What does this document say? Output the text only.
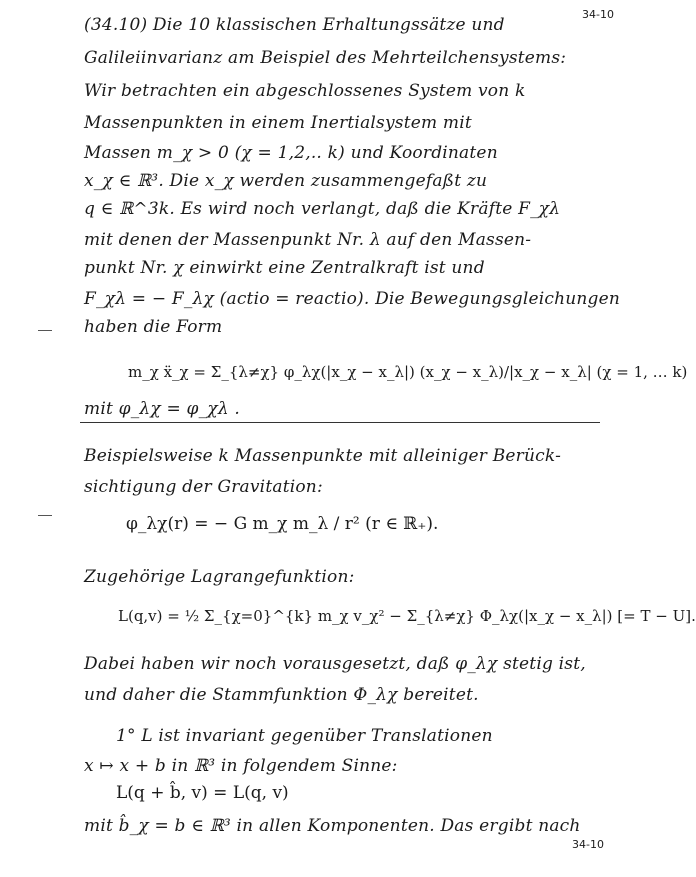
34-10
(34.10) Die 10 klassischen Erhaltungssätze und
Galileiinvarianz am Beispiel des Mehrteilchensystems:
Wir betrachten ein abgeschlossenes System von k
Massenpunkten in einem Inertialsystem mit
Massen m_χ > 0 (χ = 1,2,.. k) und Koordinaten
x_χ ∈ ℝ³. Die x_χ werden zusammengefaßt zu
q ∈ ℝ^3k. Es wird noch verlangt, daß die Kräfte F_χλ
mit denen der Massenpunkt Nr. λ auf den Massen-
punkt Nr. χ einwirkt eine Zentralkraft ist und
F_χλ = − F_λχ (actio = reactio). Die Bewegungsgleichungen
haben die Form
m_χ ẍ_χ = Σ_{λ≠χ} φ_λχ(|x_χ − x_λ|) (x_χ − x_λ)/|x_χ − x_λ| (χ = 1, … k)
mit φ_λχ = φ_χλ .
Beispielsweise k Massenpunkte mit alleiniger Berück-
sichtigung der Gravitation:
φ_λχ(r) = − G m_χ m_λ / r² (r ∈ ℝ₊).
Zugehörige Lagrangefunktion:
L(q,v) = ½ Σ_{χ=0}^{k} m_χ v_χ² − Σ_{λ≠χ} Φ_λχ(|x_χ − x_λ|) [= T − U].
Dabei haben wir noch vorausgesetzt, daß φ_λχ stetig ist,
und daher die Stammfunktion Φ_λχ bereitet.
1° L ist invariant gegenüber Translationen
x ↦ x + b in ℝ³ in folgendem Sinne:
L(q + b̂, v) = L(q, v)
mit b̂_χ = b ∈ ℝ³ in allen Komponenten. Das ergibt nach
34-10
